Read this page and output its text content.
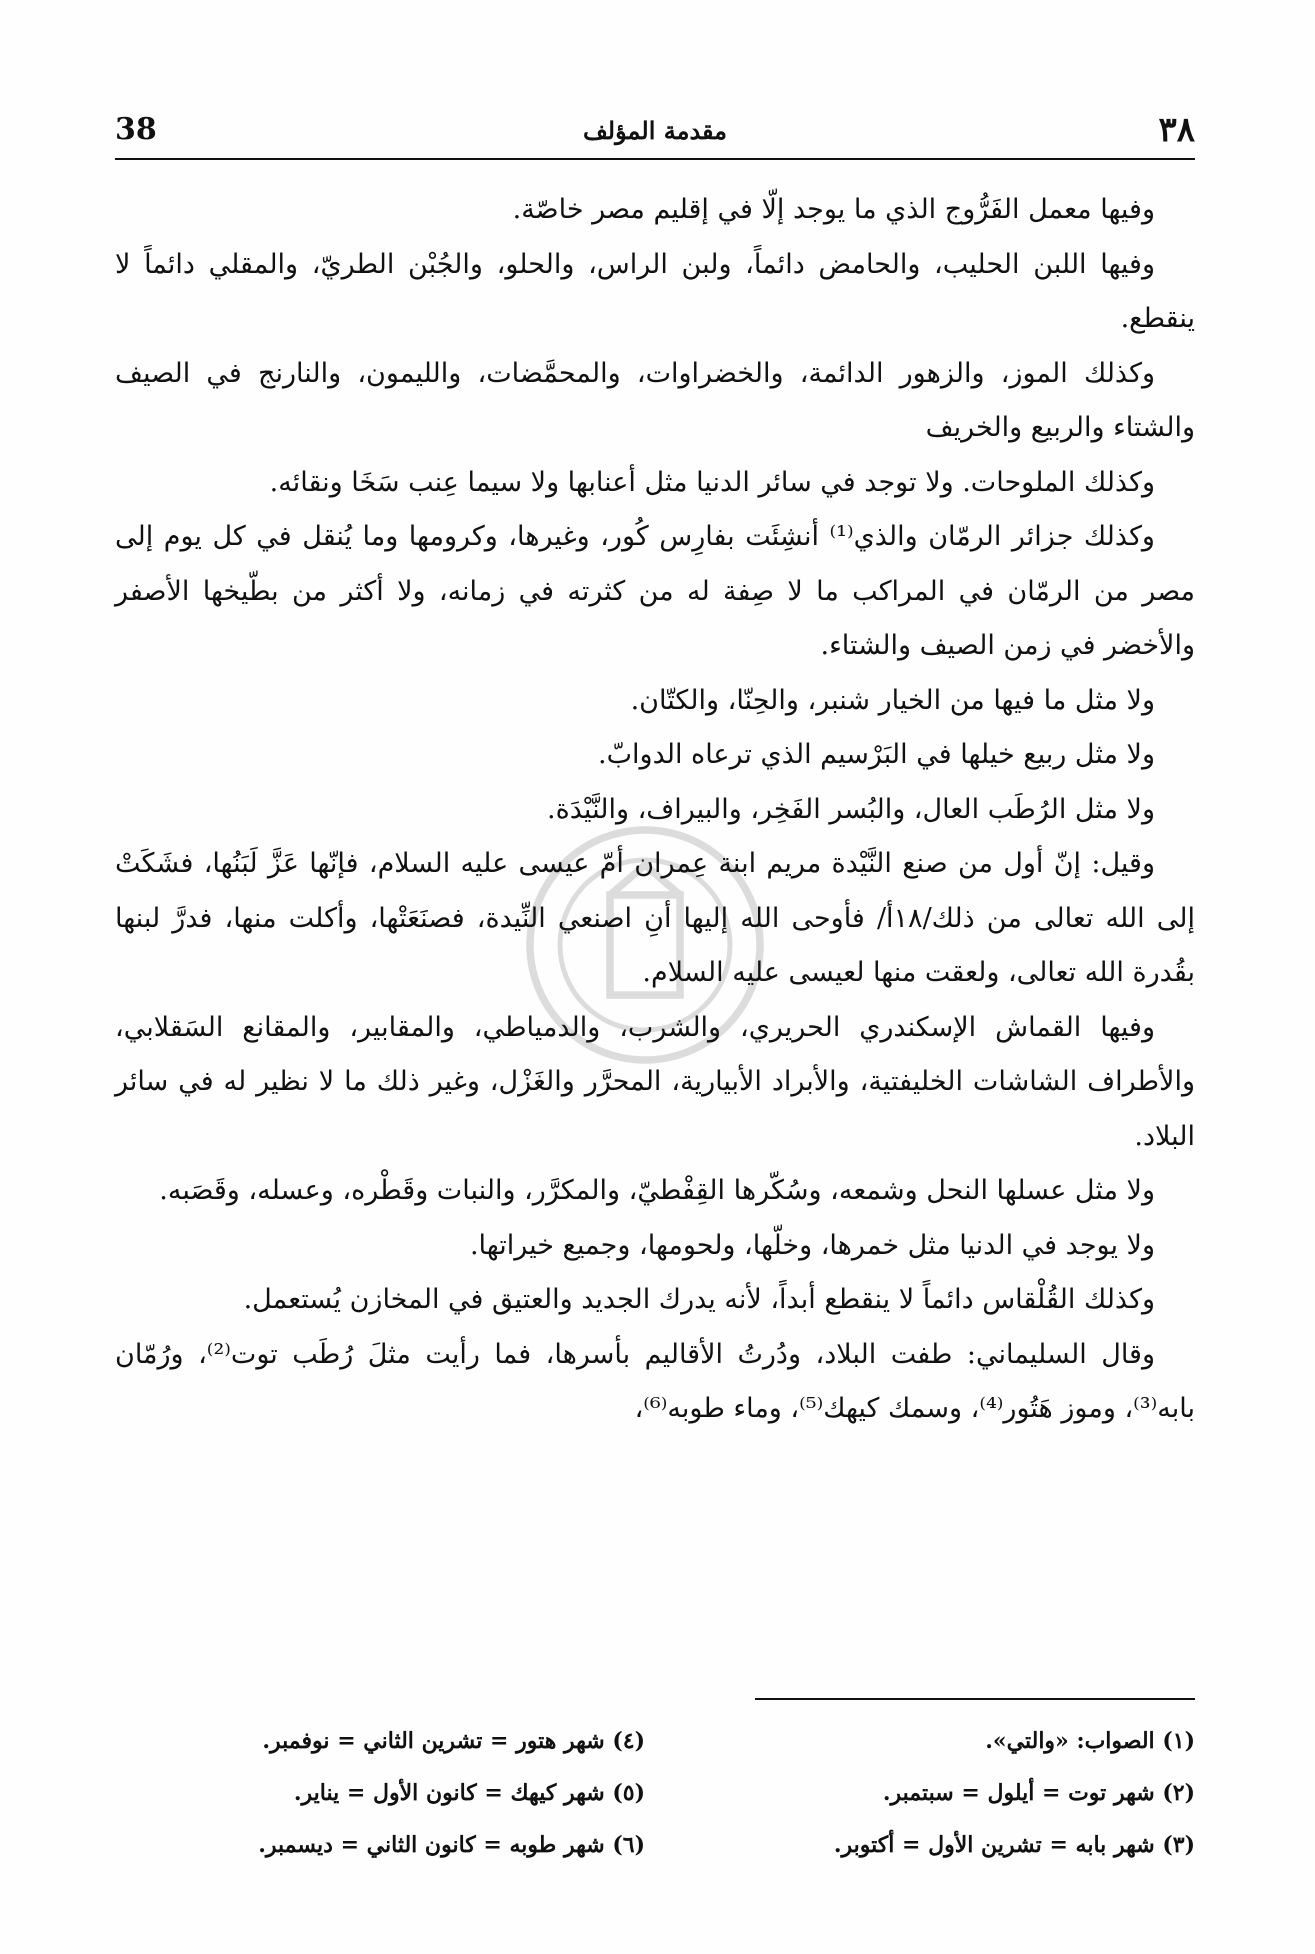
٣٨
مقدمة المؤلف
38

وفيها معمل الفَرُّوج الذي ما يوجد إلّا في إقليم مصر خاصّة.

وفيها اللبن الحليب، والحامض دائماً، ولبن الراس، والحلو، والجُبْن الطريّ، والمقلي دائماً لا ينقطع.

وكذلك الموز، والزهور الدائمة، والخضراوات، والمحمَّضات، والليمون، والنارنج في الصيف والشتاء والربيع والخريف

وكذلك الملوحات. ولا توجد في سائر الدنيا مثل أعنابها ولا سيما عِنب سَخَا ونقائه.

وكذلك جزائر الرمّان والذي⁽¹⁾ أنشِئَت بفارِس كُور، وغيرها، وكرومها وما يُنقل في كل يوم إلى مصر من الرمّان في المراكب ما لا صِفة له من كثرته في زمانه، ولا أكثر من بطّيخها الأصفر والأخضر في زمن الصيف والشتاء.

ولا مثل ما فيها من الخيار شنبر، والحِنّا، والكتّان.

ولا مثل ربيع خيلها في البَرْسيم الذي ترعاه الدوابّ.

ولا مثل الرُطَب العال، والبُسر الفَخِر، والبيراف، والنَّيْدَة.

وقيل: إنّ أول من صنع النَّيْدة مريم ابنة عِمران أمّ عيسى عليه السلام، فإنّها عَزَّ لَبَنُها، فشَكَتْ إلى الله تعالى من ذلك/١٨أ/ فأوحى الله إليها أنِ اصنعي النِّيدة، فصنَعَتْها، وأكلت منها، فدرَّ لبنها بقُدرة الله تعالى، ولعقت منها لعيسى عليه السلام.

وفيها القماش الإسكندري الحريري، والشرب، والدمياطي، والمقابير، والمقانع السَقلابي، والأطراف الشاشات الخليفتية، والأبراد الأبيارية، المحرَّر والغَزْل، وغير ذلك ما لا نظير له في سائر البلاد.

ولا مثل عسلها النحل وشمعه، وسُكّرها القِفْطيّ، والمكرَّر، والنبات وقَطْره، وعسله، وقَصَبه.

ولا يوجد في الدنيا مثل خمرها، وخلّها، ولحومها، وجميع خيراتها.

وكذلك القُلْقاس دائماً لا ينقطع أبداً، لأنه يدرك الجديد والعتيق في المخازن يُستعمل.

وقال السليماني: طفت البلاد، ودُرتُ الأقاليم بأسرها، فما رأيت مثلَ رُطَب توت⁽²⁾، ورُمّان بابه⁽³⁾، وموز هَتُور⁽⁴⁾، وسمك كيهك⁽⁵⁾، وماء طوبه⁽⁶⁾،

(١) الصواب: «والتي».
(٢) شهر توت = أيلول = سبتمبر.
(٣) شهر بابه = تشرين الأول = أكتوبر.
(٤) شهر هتور = تشرين الثاني = نوفمبر.
(٥) شهر كيهك = كانون الأول = يناير.
(٦) شهر طوبه = كانون الثاني = ديسمبر.
